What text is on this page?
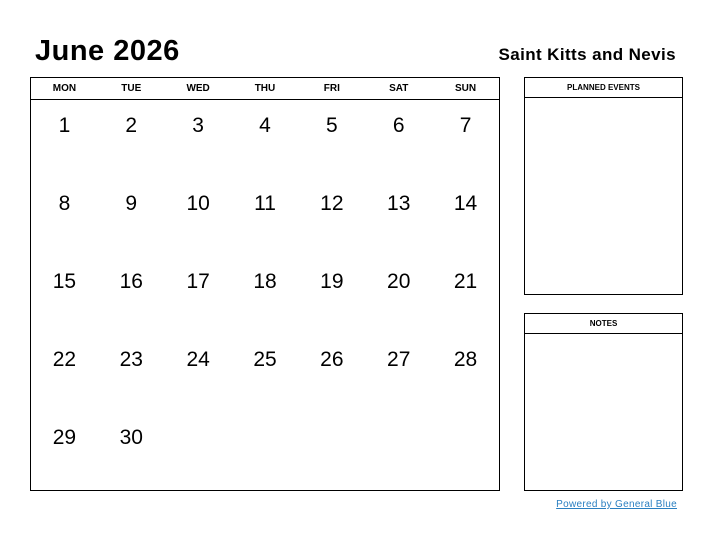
June 2026	Saint Kitts and Nevis
MON	TUE	WED	THU	FRI	SAT	SUN
1	2	3	4	5	6	7
8	9	10	11	12	13	14
15	16	17	18	19	20	21
22	23	24	25	26	27	28
29	30
PLANNED EVENTS
NOTES
Powered by General Blue
